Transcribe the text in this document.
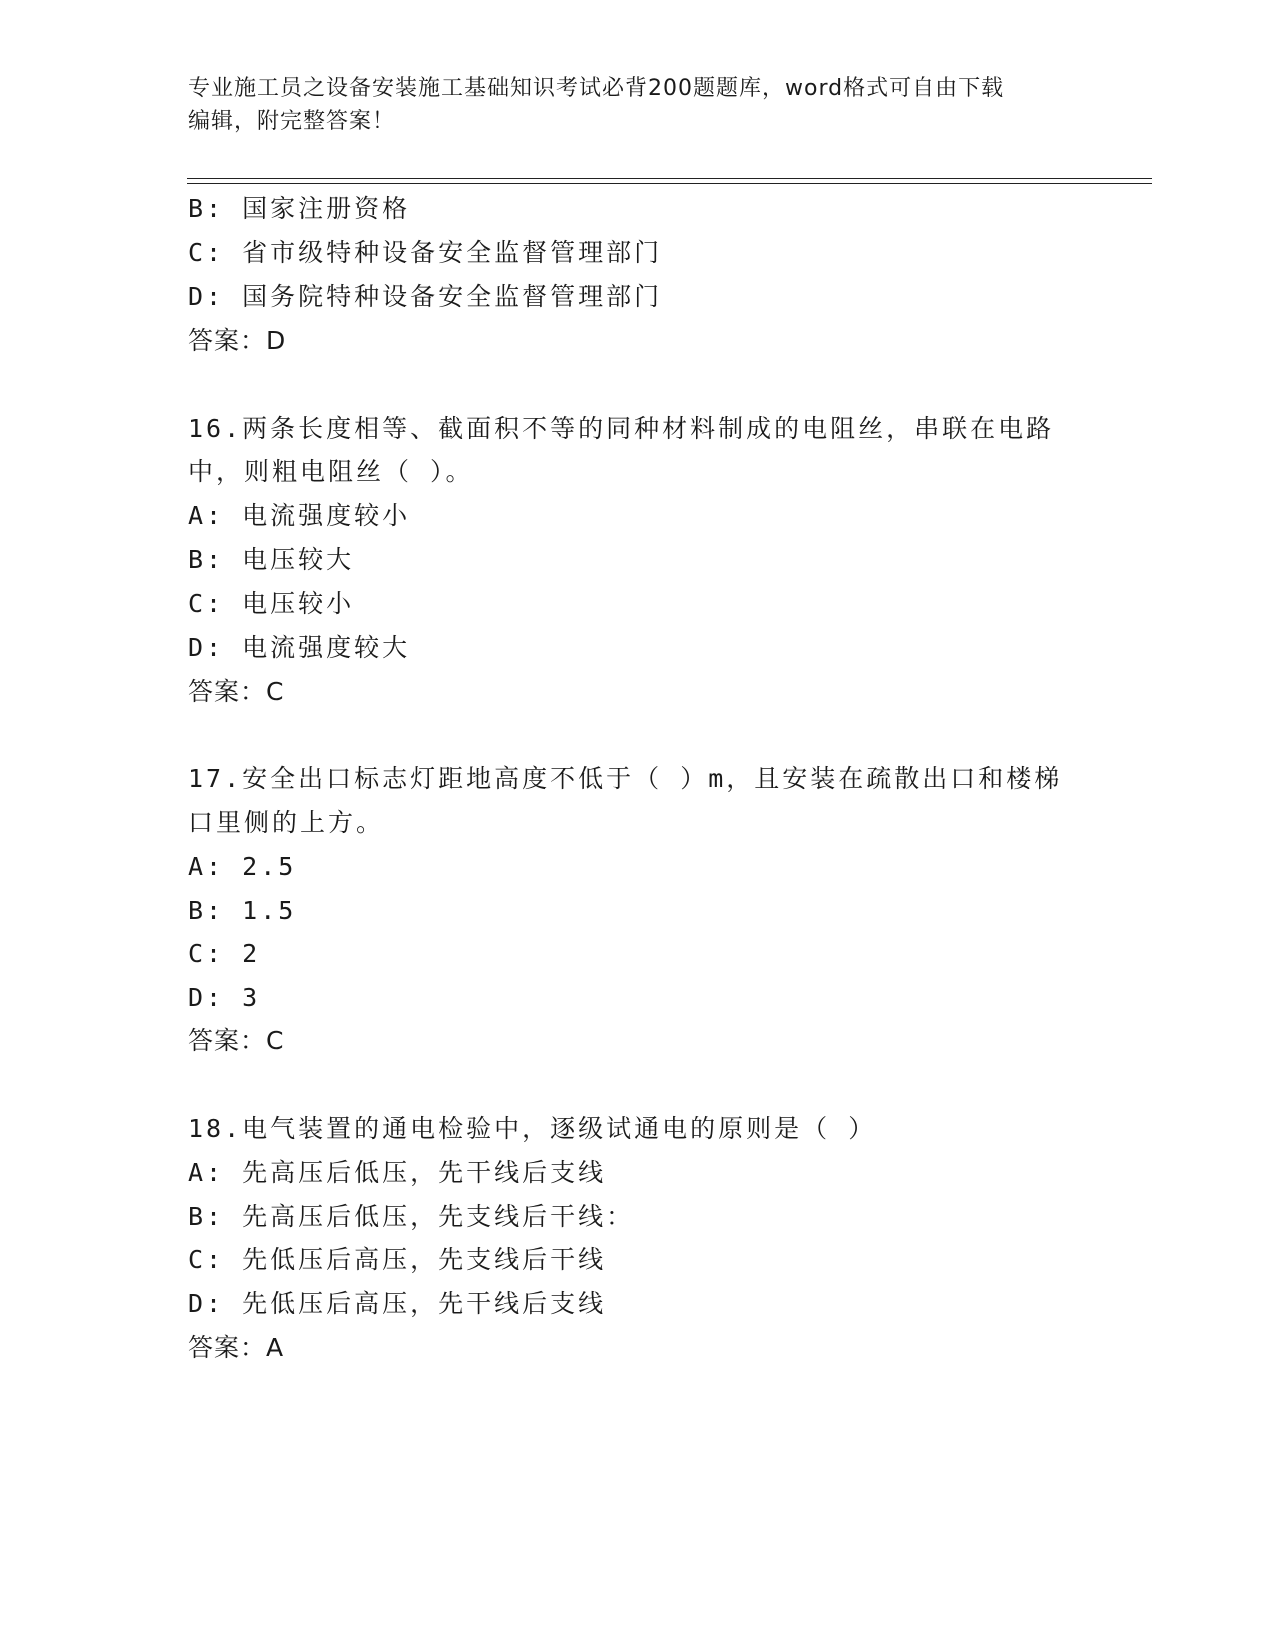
专业施工员之设备安装施工基础知识考试必背200题题库，word格式可自由下载
编辑，附完整答案！
B: 国家注册资格
C: 省市级特种设备安全监督管理部门
D: 国务院特种设备安全监督管理部门
答案：D
16.两条长度相等、截面积不等的同种材料制成的电阻丝，串联在电路
中，则粗电阻丝（ ）。
A: 电流强度较小
B: 电压较大
C: 电压较小
D: 电流强度较大
答案：C
17.安全出口标志灯距地高度不低于（ ）m，且安装在疏散出口和楼梯
口里侧的上方。
A: 2.5
B: 1.5
C: 2
D: 3
答案：C
18.电气装置的通电检验中，逐级试通电的原则是（ ）
A: 先高压后低压，先干线后支线
B: 先高压后低压，先支线后干线：
C: 先低压后高压，先支线后干线
D: 先低压后高压，先干线后支线
答案：A
